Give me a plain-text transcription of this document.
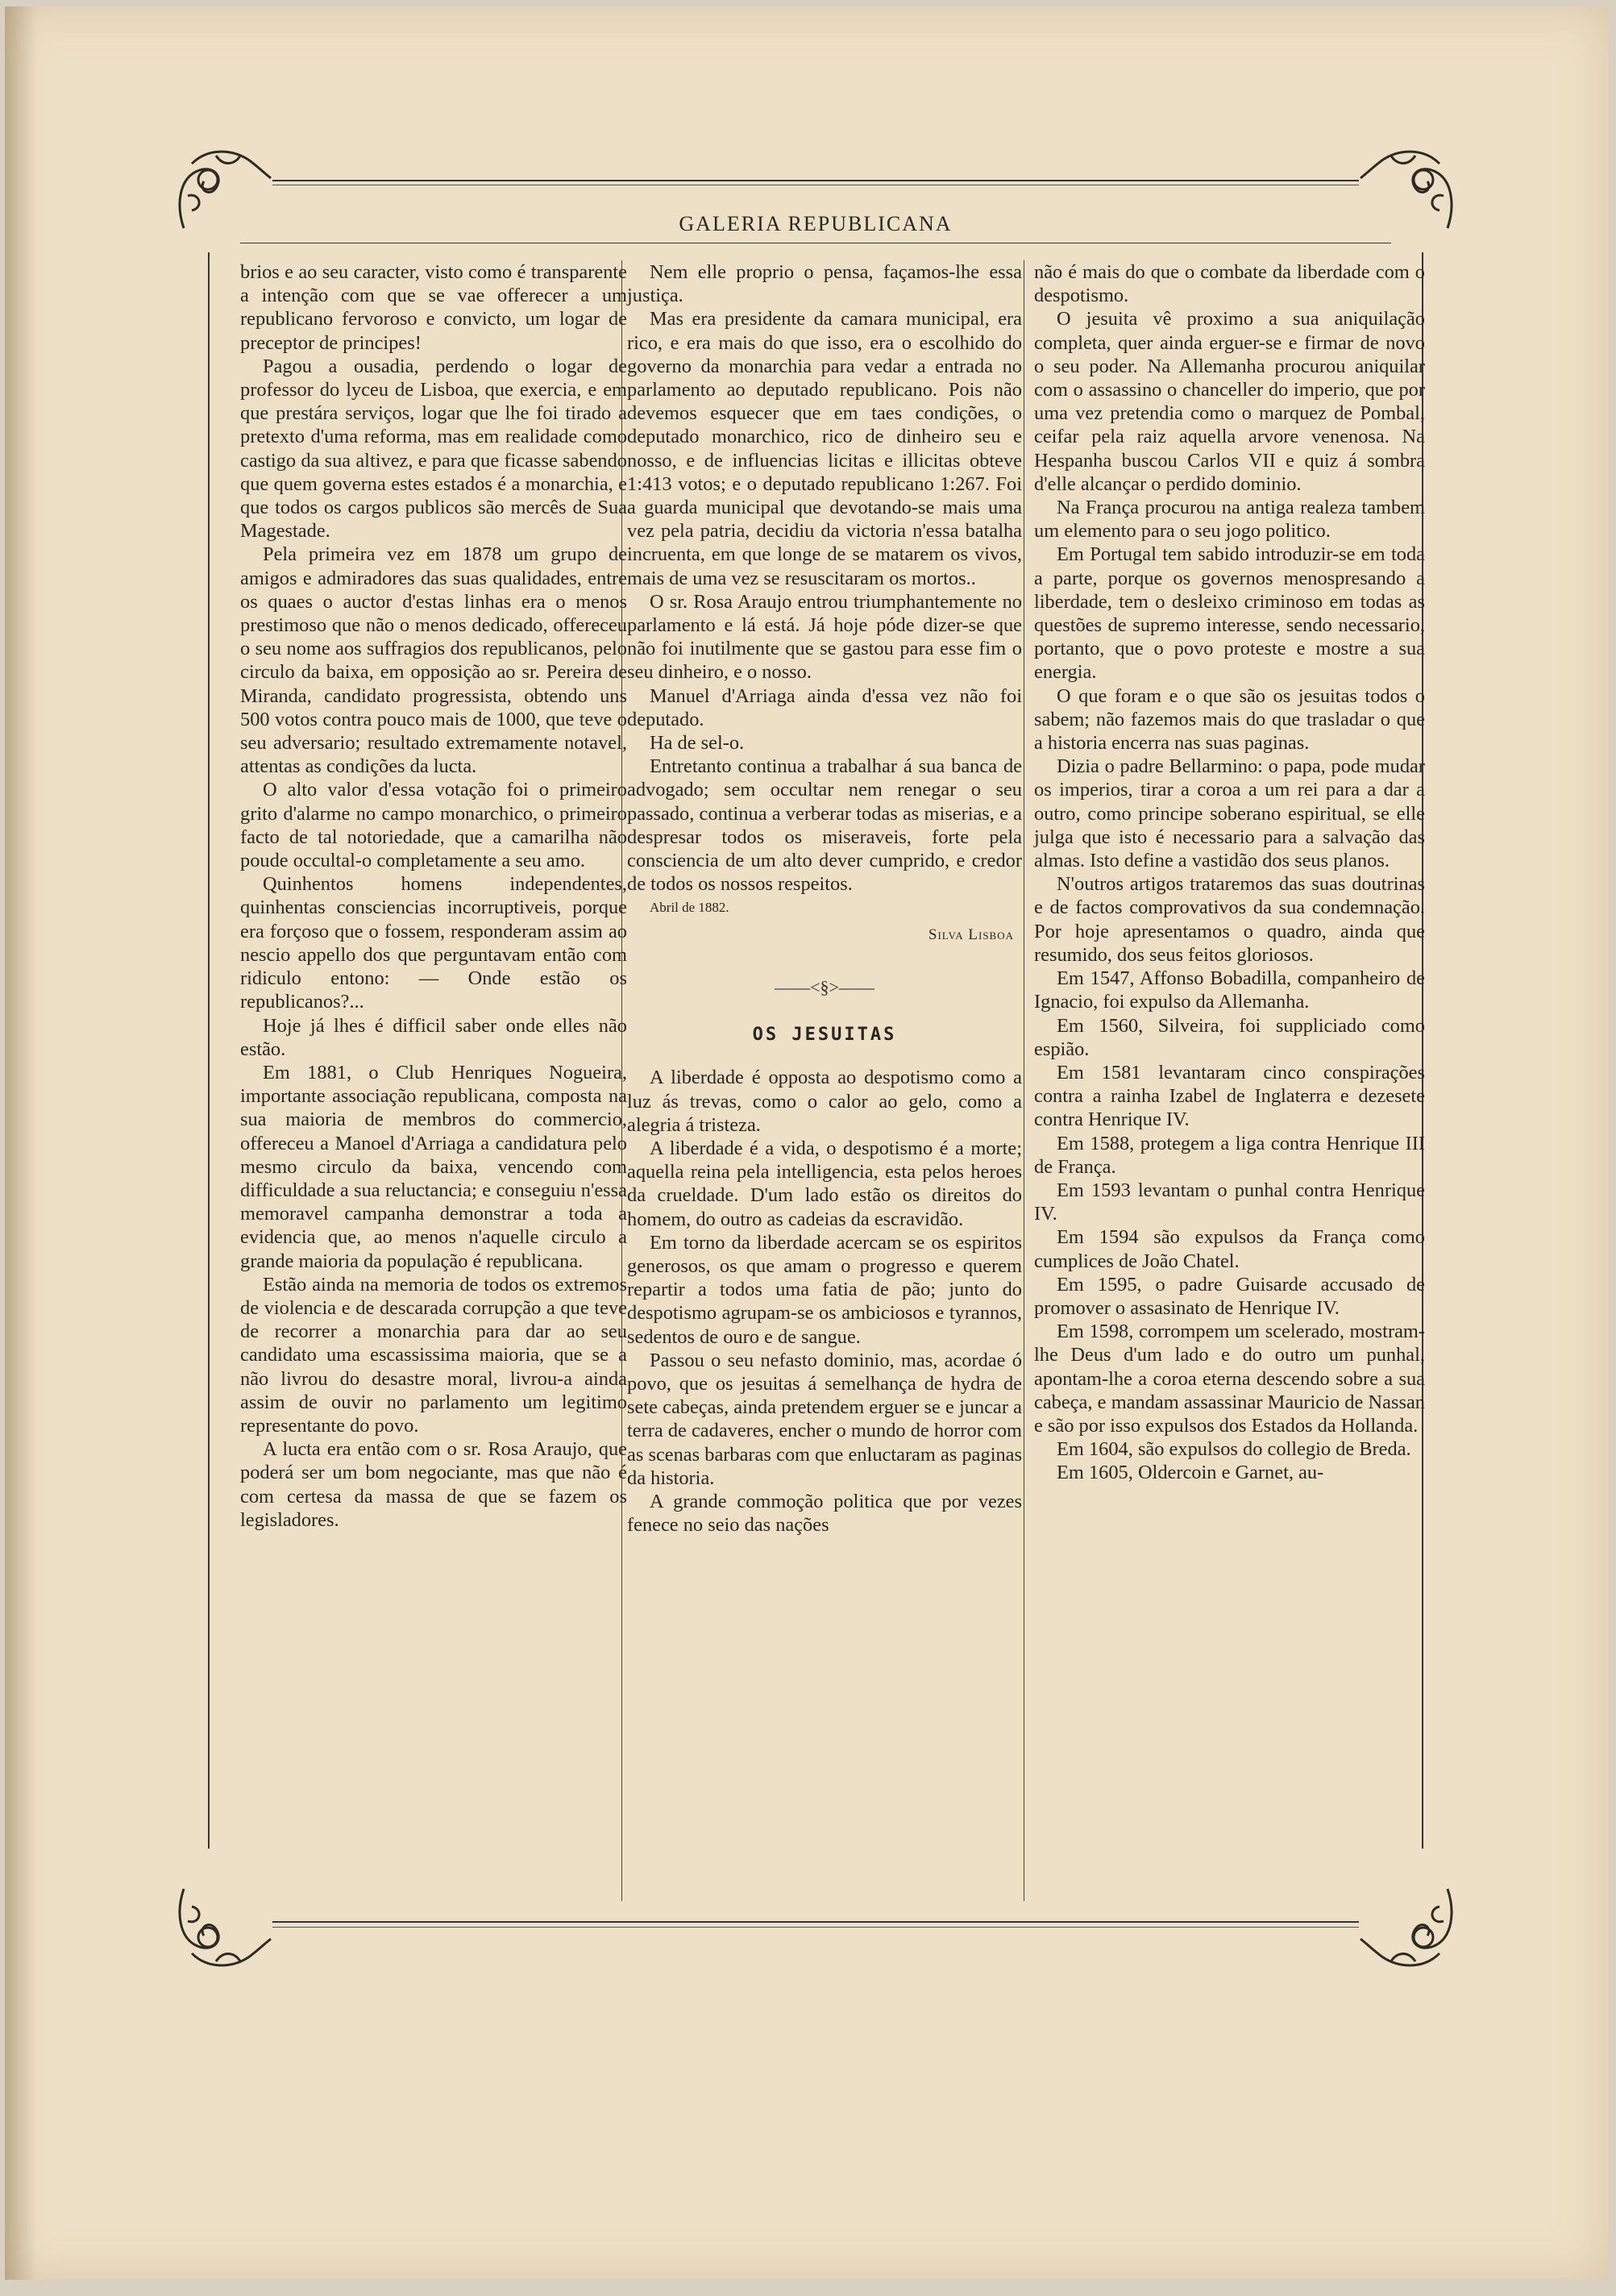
GALERIA REPUBLICANA

brios e ao seu caracter, visto como é transparente a intenção com que se vae offerecer a um republicano fervoroso e convicto, um logar de preceptor de principes!

Pagou a ousadia, perdendo o logar de professor do lyceu de Lisboa, que exercia, e em que prestára serviços, logar que lhe foi tirado a pretexto d'uma reforma, mas em realidade como castigo da sua altivez, e para que ficasse sabendo que quem governa estes estados é a monarchia, e que todos os cargos publicos são mercês de Sua Magestade.

Pela primeira vez em 1878 um grupo de amigos e admiradores das suas qualidades, entre os quaes o auctor d'estas linhas era o menos prestimoso que não o menos dedicado, offereceu o seu nome aos suffragios dos republicanos, pelo circulo da baixa, em opposição ao sr. Pereira de Miranda, candidato progressista, obtendo uns 500 votos contra pouco mais de 1000, que teve o seu adversario; resultado extremamente notavel, attentas as condições da lucta.

O alto valor d'essa votação foi o primeiro grito d'alarme no campo monarchico, o primeiro facto de tal notoriedade, que a camarilha não poude occultal-o completamente a seu amo.

Quinhentos homens independentes, quinhentas consciencias incorruptiveis, porque era forçoso que o fossem, responderam assim ao nescio appello dos que perguntavam então com ridiculo entono: — Onde estão os republicanos?...

Hoje já lhes é difficil saber onde elles não estão.

Em 1881, o Club Henriques Nogueira, importante associação republicana, composta na sua maioria de membros do commercio, offereceu a Manoel d'Arriaga a candidatura pelo mesmo circulo da baixa, vencendo com difficuldade a sua reluctancia; e conseguiu n'essa memoravel campanha demonstrar a toda a evidencia que, ao menos n'aquelle circulo a grande maioria da população é republicana.

Estão ainda na memoria de todos os extremos de violencia e de descarada corrupção a que teve de recorrer a monarchia para dar ao seu candidato uma escassissima maioria, que se a não livrou do desastre moral, livrou-a ainda assim de ouvir no parlamento um legitimo representante do povo.

A lucta era então com o sr. Rosa Araujo, que poderá ser um bom negociante, mas que não é com certesa da massa de que se fazem os legisladores.

Nem elle proprio o pensa, façamos-lhe essa justiça.

Mas era presidente da camara municipal, era rico, e era mais do que isso, era o escolhido do governo da monarchia para vedar a entrada no parlamento ao deputado republicano. Pois não devemos esquecer que em taes condições, o deputado monarchico, rico de dinheiro seu e nosso, e de influencias licitas e illicitas obteve 1:413 votos; e o deputado republicano 1:267. Foi a guarda municipal que devotando-se mais uma vez pela patria, decidiu da victoria n'essa batalha incruenta, em que longe de se matarem os vivos, mais de uma vez se resuscitaram os mortos..

O sr. Rosa Araujo entrou triumphantemente no parlamento e lá está. Já hoje póde dizer-se que não foi inutilmente que se gastou para esse fim o seu dinheiro, e o nosso.

Manuel d'Arriaga ainda d'essa vez não foi deputado.

Ha de sel-o.

Entretanto continua a trabalhar á sua banca de advogado; sem occultar nem renegar o seu passado, continua a verberar todas as miserias, e a despresar todos os miseraveis, forte pela consciencia de um alto dever cumprido, e credor de todos os nossos respeitos.

Abril de 1882.

Silva Lisboa
——<§>——
OS JESUITAS

A liberdade é opposta ao despotismo como a luz ás trevas, como o calor ao gelo, como a alegria á tristeza.

A liberdade é a vida, o despotismo é a morte; aquella reina pela intelligencia, esta pelos heroes da crueldade. D'um lado estão os direitos do homem, do outro as cadeias da escravidão.

Em torno da liberdade acercam se os espiritos generosos, os que amam o progresso e querem repartir a todos uma fatia de pão; junto do despotismo agrupam-se os ambiciosos e tyrannos, sedentos de ouro e de sangue.

Passou o seu nefasto dominio, mas, acordae ó povo, que os jesuitas á semelhança de hydra de sete cabeças, ainda pretendem erguer se e juncar a terra de cadaveres, encher o mundo de horror com as scenas barbaras com que enluctaram as paginas da historia.

A grande commoção politica que por vezes fenece no seio das nações

não é mais do que o combate da liberdade com o despotismo.

O jesuita vê proximo a sua aniquilação completa, quer ainda erguer-se e firmar de novo o seu poder. Na Allemanha procurou aniquilar com o assassino o chanceller do imperio, que por uma vez pretendia como o marquez de Pombal, ceifar pela raiz aquella arvore venenosa. Na Hespanha buscou Carlos VII e quiz á sombra d'elle alcançar o perdido dominio.

Na França procurou na antiga realeza tambem um elemento para o seu jogo politico.

Em Portugal tem sabido introduzir-se em toda a parte, porque os governos menospresando a liberdade, tem o desleixo criminoso em todas as questões de supremo interesse, sendo necessario, portanto, que o povo proteste e mostre a sua energia.

O que foram e o que são os jesuitas todos o sabem; não fazemos mais do que trasladar o que a historia encerra nas suas paginas.

Dizia o padre Bellarmino: o papa, pode mudar os imperios, tirar a coroa a um rei para a dar a outro, como principe soberano espiritual, se elle julga que isto é necessario para a salvação das almas. Isto define a vastidão dos seus planos.

N'outros artigos trataremos das suas doutrinas e de factos comprovativos da sua condemnação. Por hoje apresentamos o quadro, ainda que resumido, dos seus feitos gloriosos.

Em 1547, Affonso Bobadilla, companheiro de Ignacio, foi expulso da Allemanha.

Em 1560, Silveira, foi suppliciado como espião.

Em 1581 levantaram cinco conspirações contra a rainha Izabel de Inglaterra e dezesete contra Henrique IV.

Em 1588, protegem a liga contra Henrique III de França.

Em 1593 levantam o punhal contra Henrique IV.

Em 1594 são expulsos da França como cumplices de João Chatel.

Em 1595, o padre Guisarde accusado de promover o assasinato de Henrique IV.

Em 1598, corrompem um scelerado, mostram-lhe Deus d'um lado e do outro um punhal, apontam-lhe a coroa eterna descendo sobre a sua cabeça, e mandam assassinar Mauricio de Nassan e são por isso expulsos dos Estados da Hollanda.

Em 1604, são expulsos do collegio de Breda.

Em 1605, Oldercoin e Garnet, au-
